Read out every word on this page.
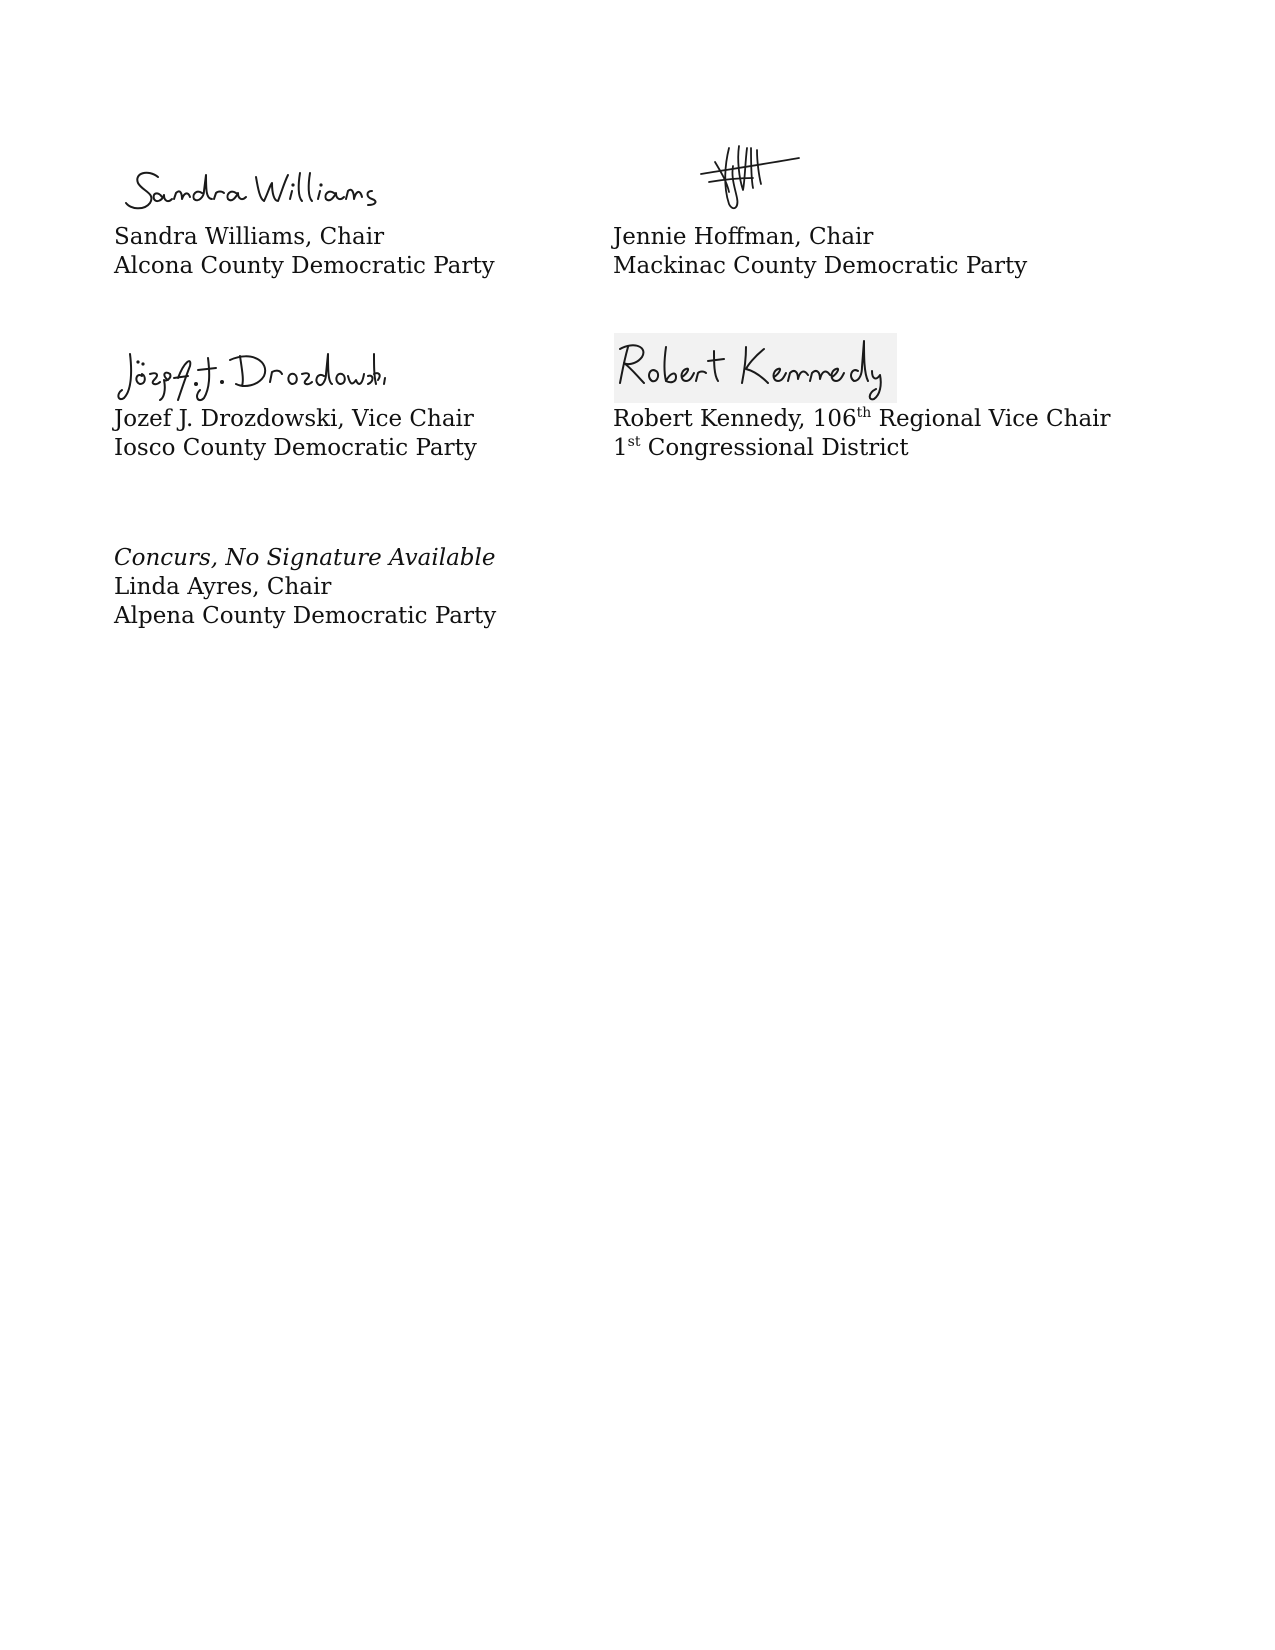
Sandra Williams, Chair
Alcona County Democratic Party
Jennie Hoffman, Chair
Mackinac County Democratic Party
Jozef J. Drozdowski, Vice Chair
Iosco County Democratic Party
Robert Kennedy, 106th Regional Vice Chair
1st Congressional District
Concurs, No Signature Available
Linda Ayres, Chair
Alpena County Democratic Party
